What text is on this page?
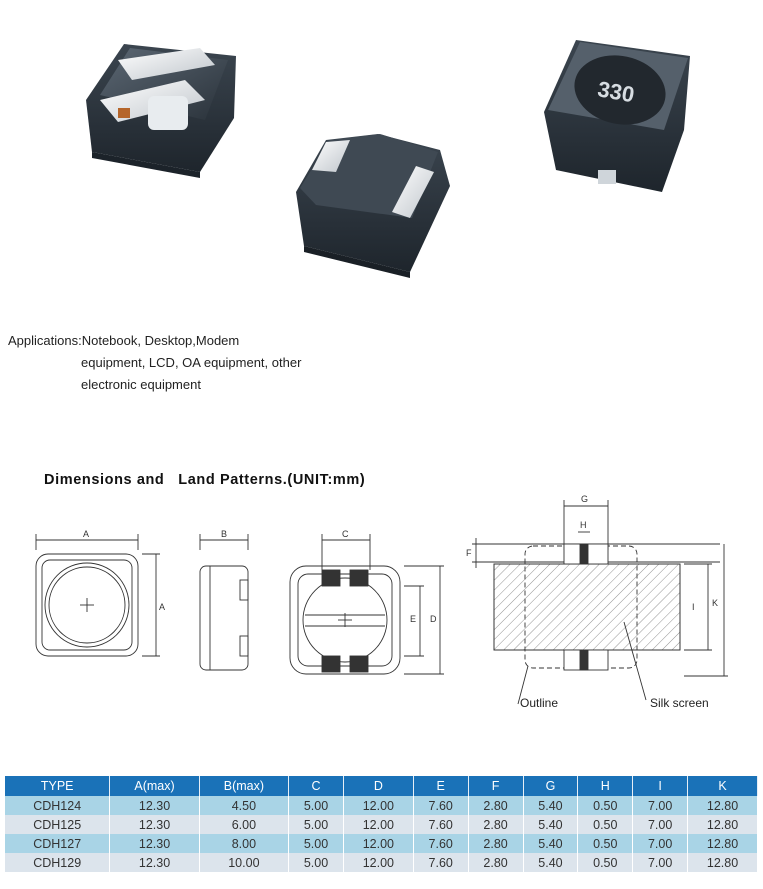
330
Applications:Notebook, Desktop,Modem
equipment, LCD, OA equipment, other
electronic equipment
Dimensions and   Land Patterns.(UNIT:mm)
A
A
B	C
E D
G
H
F
I K
Outline	Silk screen
TYPE	A(max)	B(max)	C	D	E	F	G	H	I	K
CDH124	12.30	4.50	5.00	12.00	7.60	2.80	5.40	0.50	7.00	12.80
CDH125	12.30	6.00	5.00	12.00	7.60	2.80	5.40	0.50	7.00	12.80
CDH127	12.30	8.00	5.00	12.00	7.60	2.80	5.40	0.50	7.00	12.80
CDH129	12.30	10.00	5.00	12.00	7.60	2.80	5.40	0.50	7.00	12.80
